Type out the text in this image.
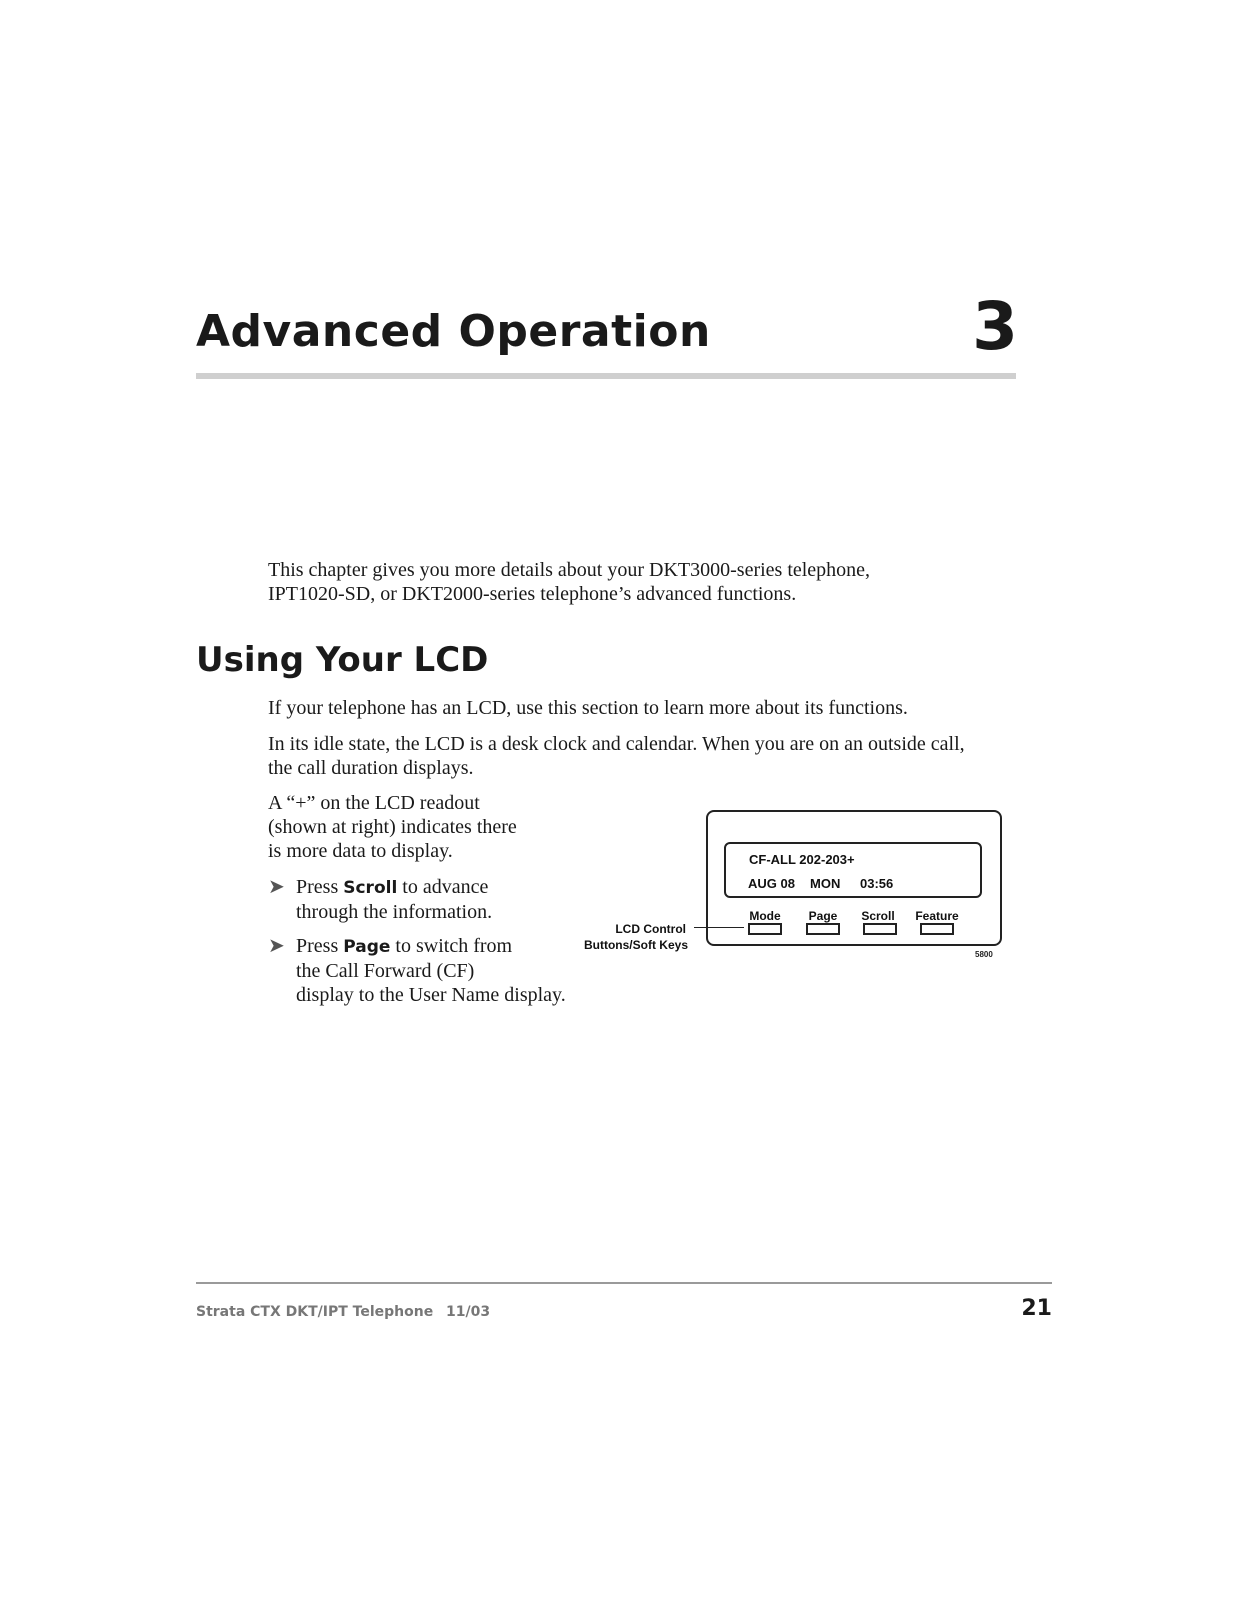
Advanced Operation	3
This chapter gives you more details about your DKT3000-series telephone,
IPT1020-SD, or DKT2000-series telephone’s advanced functions.
Using Your LCD
If your telephone has an LCD, use this section to learn more about its functions.
In its idle state, the LCD is a desk clock and calendar. When you are on an outside call,
the call duration displays.
A “+” on the LCD readout
(shown at right) indicates there
is more data to display.
➤ Press Scroll to advance
through the information.
➤ Press Page to switch from
the Call Forward (CF)
display to the User Name display.
CF-ALL 202-203+
AUG 08 MON 03:56
Mode	Page	Scroll	Feature
LCD Control
Buttons/Soft Keys
5800
Strata CTX DKT/IPT Telephone 11/03	21
